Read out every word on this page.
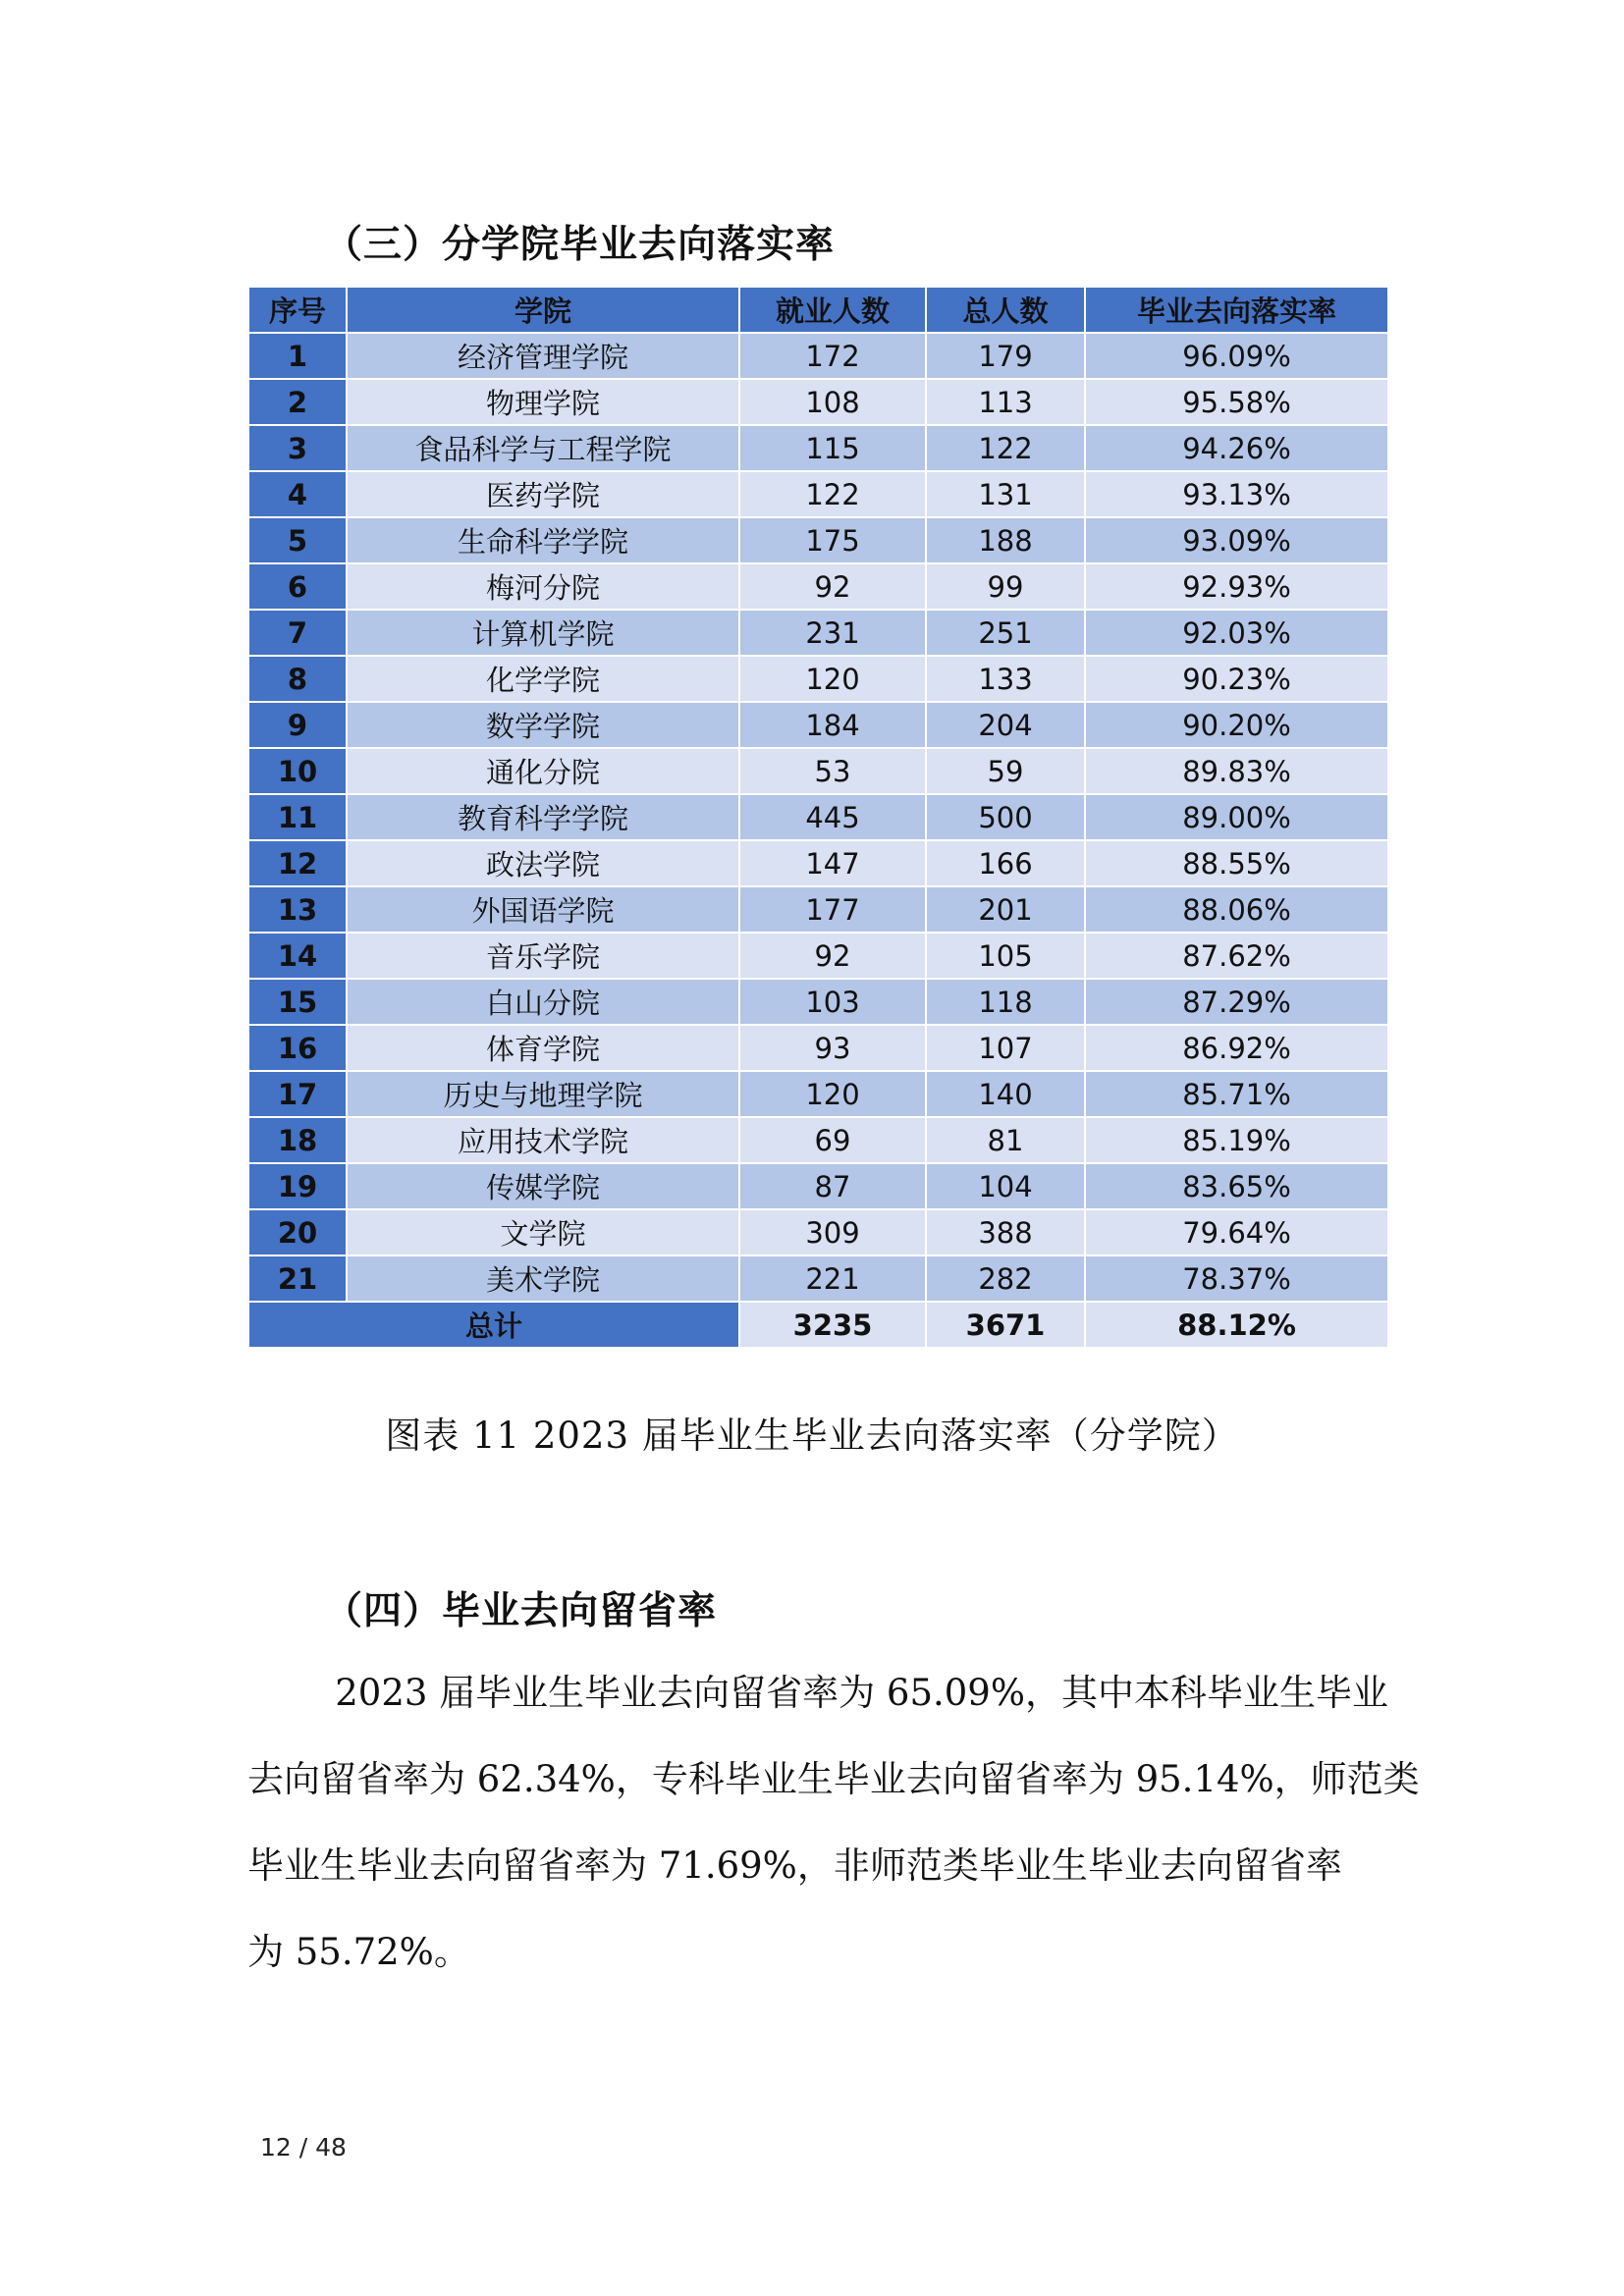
（三）分学院毕业去向落实率
序号	学院	就业人数	总人数	毕业去向落实率
1	经济管理学院	172	179	96.09%
2	物理学院	108	113	95.58%
3	食品科学与工程学院	115	122	94.26%
4	医药学院	122	131	93.13%
5	生命科学学院	175	188	93.09%
6	梅河分院	92	99	92.93%
7	计算机学院	231	251	92.03%
8	化学学院	120	133	90.23%
9	数学学院	184	204	90.20%
10	通化分院	53	59	89.83%
11	教育科学学院	445	500	89.00%
12	政法学院	147	166	88.55%
13	外国语学院	177	201	88.06%
14	音乐学院	92	105	87.62%
15	白山分院	103	118	87.29%
16	体育学院	93	107	86.92%
17	历史与地理学院	120	140	85.71%
18	应用技术学院	69	81	85.19%
19	传媒学院	87	104	83.65%
20	文学院	309	388	79.64%
21	美术学院	221	282	78.37%
总计		3235	3671	88.12%
图表 11 2023 届毕业生毕业去向落实率（分学院）
（四）毕业去向留省率
2023 届毕业生毕业去向留省率为 65.09%，其中本科毕业生毕业
去向留省率为 62.34%，专科毕业生毕业去向留省率为 95.14%，师范类
毕业生毕业去向留省率为 71.69%，非师范类毕业生毕业去向留省率
为 55.72%。
12 / 48
